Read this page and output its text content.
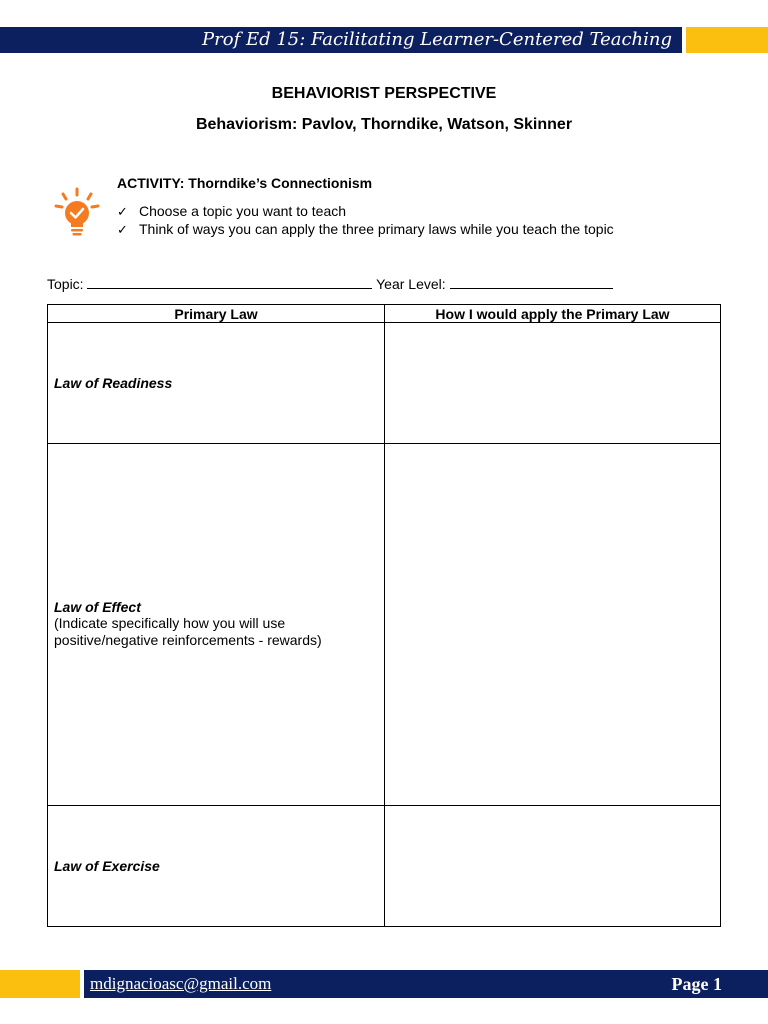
Prof Ed 15: Facilitating Learner-Centered Teaching
BEHAVIORIST PERSPECTIVE
Behaviorism: Pavlov, Thorndike, Watson, Skinner
ACTIVITY: Thorndike’s Connectionism
✓ Choose a topic you want to teach
✓ Think of ways you can apply the three primary laws while you teach the topic
Topic:	Year Level:
Primary Law	How I would apply the Primary Law

Law of Readiness	

Law of Effect
(Indicate specifically how you will use positive/negative reinforcements - rewards)	

Law of Exercise	

mdignacioasc@gmail.com	Page 1
